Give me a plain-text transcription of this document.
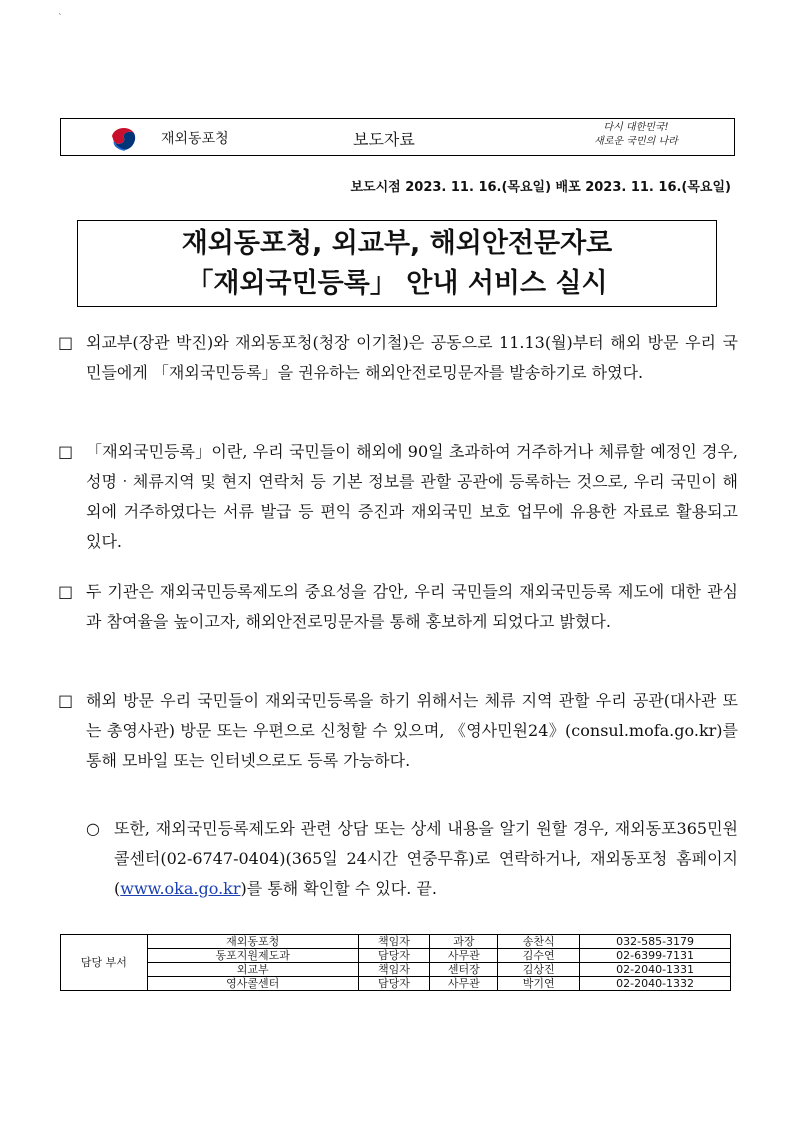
`
재외동포청	보도자료
다시 대한민국!
새로운 국민의 나라
보도시점 2023. 11. 16.(목요일) 배포 2023. 11. 16.(목요일)
재외동포청, 외교부, 해외안전문자로
「재외국민등록」 안내 서비스 실시
□ 외교부(장관 박진)와 재외동포청(청장 이기철)은 공동으로 11.13(월)부터 해외 방문 우리 국민들에게 「재외국민등록」을 권유하는 해외안전로밍문자를 발송하기로 하였다.
□ 「재외국민등록」이란, 우리 국민들이 해외에 90일 초과하여 거주하거나 체류할 예정인 경우, 성명‧체류지역 및 현지 연락처 등 기본 정보를 관할 공관에 등록하는 것으로, 우리 국민이 해외에 거주하였다는 서류 발급 등 편익 증진과 재외국민 보호 업무에 유용한 자료로 활용되고 있다.
□ 두 기관은 재외국민등록제도의 중요성을 감안, 우리 국민들의 재외국민등록 제도에 대한 관심과 참여율을 높이고자, 해외안전로밍문자를 통해 홍보하게 되었다고 밝혔다.
□ 해외 방문 우리 국민들이 재외국민등록을 하기 위해서는 체류 지역 관할 우리 공관(대사관 또는 총영사관) 방문 또는 우편으로 신청할 수 있으며, 《영사민원24》(consul.mofa.go.kr)를 통해 모바일 또는 인터넷으로도 등록 가능하다.
○ 또한, 재외국민등록제도와 관련 상담 또는 상세 내용을 알기 원할 경우, 재외동포365민원콜센터(02-6747-0404)(365일 24시간 연중무휴)로 연락하거나, 재외동포청 홈페이지(www.oka.go.kr)를 통해 확인할 수 있다. 끝.
담당 부서	재외동포청	책임자	과장	송찬식	032-585-3179
	동포지원제도과	담당자	사무관	김수연	02-6399-7131
	외교부	책임자	센터장	김상진	02-2040-1331
	영사콜센터	담당자	사무관	박기연	02-2040-1332
